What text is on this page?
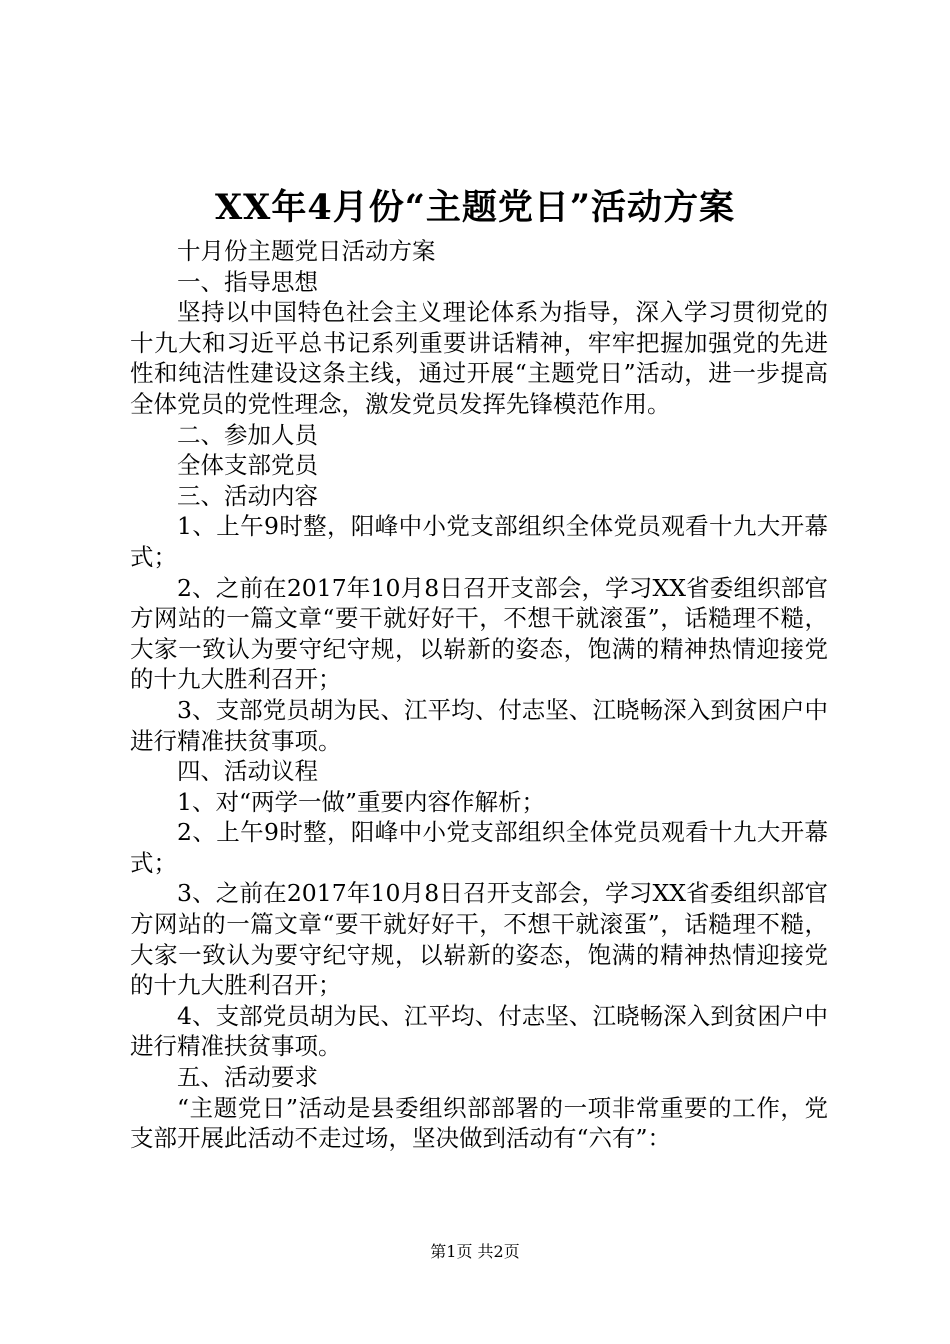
XX年4月份“主题党日”活动方案

十月份主题党日活动方案

一、指导思想

坚持以中国特色社会主义理论体系为指导，深入学习贯彻党的十九大和习近平总书记系列重要讲话精神，牢牢把握加强党的先进性和纯洁性建设这条主线，通过开展“主题党日”活动，进一步提高全体党员的党性理念，激发党员发挥先锋模范作用。

二、参加人员

全体支部党员

三、活动内容

1、上午9时整，阳峰中小党支部组织全体党员观看十九大开幕式；

2、之前在2017年10月8日召开支部会，学习XX省委组织部官方网站的一篇文章“要干就好好干，不想干就滚蛋”，话糙理不糙，大家一致认为要守纪守规，以崭新的姿态，饱满的精神热情迎接党的十九大胜利召开；

3、支部党员胡为民、江平均、付志坚、江晓畅深入到贫困户中进行精准扶贫事项。

四、活动议程

1、对“两学一做”重要内容作解析；

2、上午9时整，阳峰中小党支部组织全体党员观看十九大开幕式；

3、之前在2017年10月8日召开支部会，学习XX省委组织部官方网站的一篇文章“要干就好好干，不想干就滚蛋”，话糙理不糙，大家一致认为要守纪守规，以崭新的姿态，饱满的精神热情迎接党的十九大胜利召开；

4、支部党员胡为民、江平均、付志坚、江晓畅深入到贫困户中进行精准扶贫事项。

五、活动要求

“主题党日”活动是县委组织部部署的一项非常重要的工作，党支部开展此活动不走过场，坚决做到活动有“六有”：

第1页 共2页
